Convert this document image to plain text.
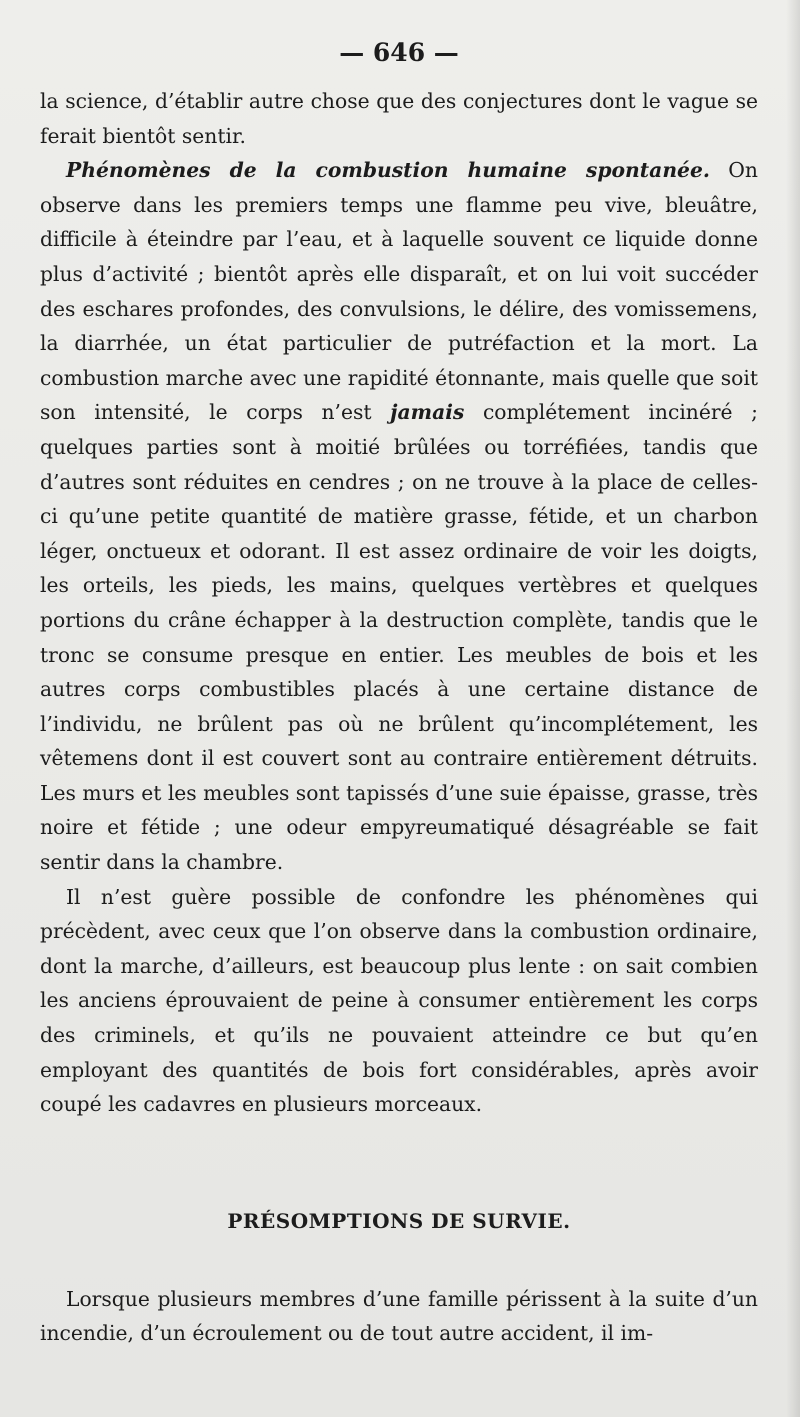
— 646 —

la science, d’établir autre chose que des conjectures dont le vague se ferait bientôt sentir.

Phénomènes de la combustion humaine spontanée. On observe dans les premiers temps une flamme peu vive, bleuâtre, difficile à éteindre par l’eau, et à laquelle souvent ce liquide donne plus d’activité ; bientôt après elle disparaît, et on lui voit succéder des eschares profondes, des convulsions, le délire, des vomissemens, la diarrhée, un état particulier de putréfaction et la mort. La combustion marche avec une rapidité étonnante, mais quelle que soit son intensité, le corps n’est jamais complétement incinéré ; quelques parties sont à moitié brûlées ou torréfiées, tandis que d’autres sont réduites en cendres ; on ne trouve à la place de celles-ci qu’une petite quantité de matière grasse, fétide, et un charbon léger, onctueux et odorant. Il est assez ordinaire de voir les doigts, les orteils, les pieds, les mains, quelques vertèbres et quelques portions du crâne échapper à la destruction complète, tandis que le tronc se consume presque en entier. Les meubles de bois et les autres corps combustibles placés à une certaine distance de l’individu, ne brûlent pas où ne brûlent qu’incomplétement, les vêtemens dont il est couvert sont au contraire entièrement détruits. Les murs et les meubles sont tapissés d’une suie épaisse, grasse, très noire et fétide ; une odeur empyreumatiqué désagréable se fait sentir dans la chambre.

Il n’est guère possible de confondre les phénomènes qui précèdent, avec ceux que l’on observe dans la combustion ordinaire, dont la marche, d’ailleurs, est beaucoup plus lente : on sait combien les anciens éprouvaient de peine à consumer entièrement les corps des criminels, et qu’ils ne pouvaient atteindre ce but qu’en employant des quantités de bois fort considérables, après avoir coupé les cadavres en plusieurs morceaux.

PRÉSOMPTIONS DE SURVIE.

Lorsque plusieurs membres d’une famille périssent à la suite d’un incendie, d’un écroulement ou de tout autre accident, il im-
